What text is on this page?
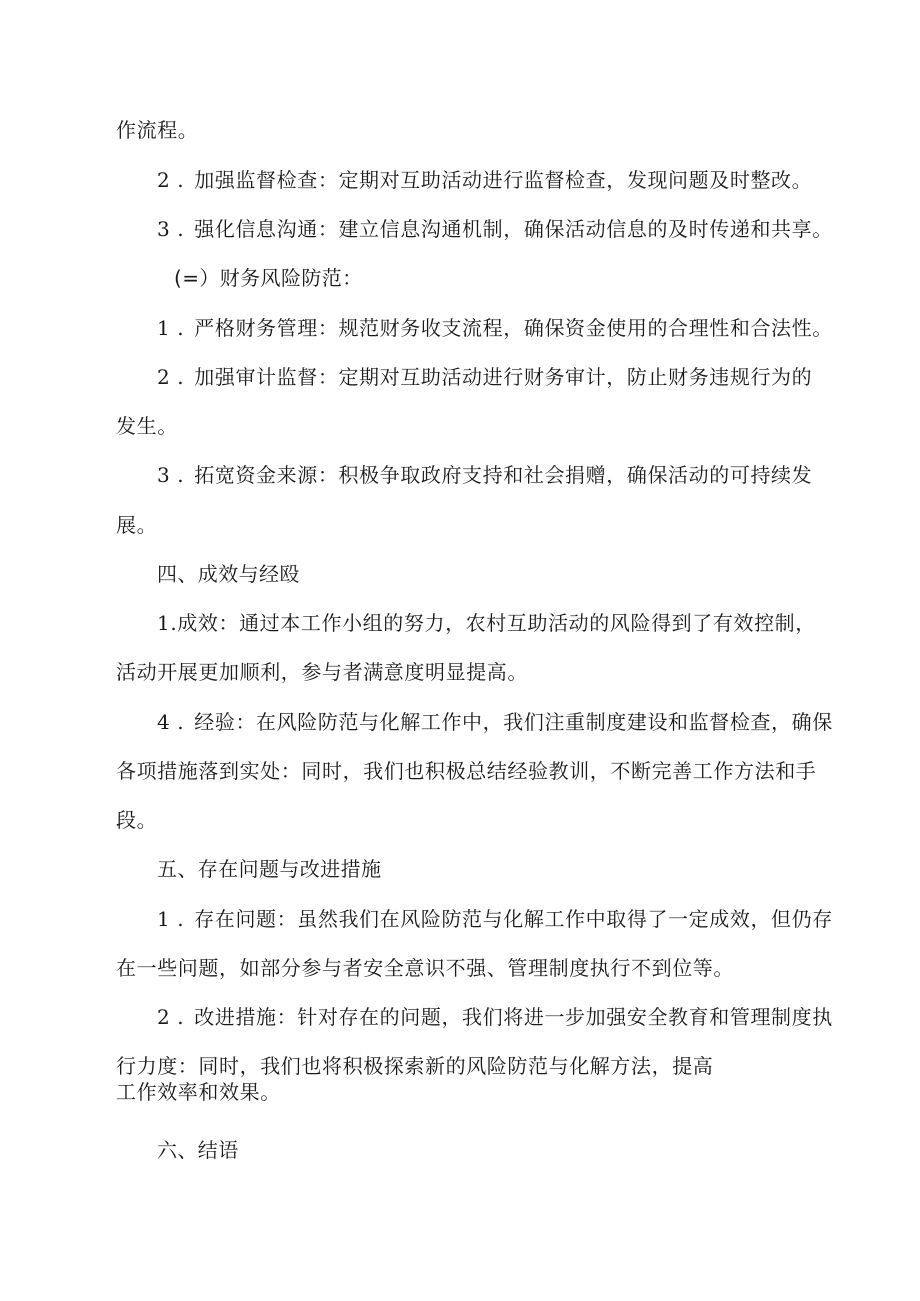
作流程。
2 . 加强监督检查：定期对互助活动进行监督检查，发现问题及时整改。
3 . 强化信息沟通：建立信息沟通机制，确保活动信息的及时传递和共享。
(=）财务风险防范：
1 . 严格财务管理：规范财务收支流程，确保资金使用的合理性和合法性。
2 . 加强审计监督：定期对互助活动进行财务审计，防止财务违规行为的
发生。
3 . 拓宽资金来源：积极争取政府支持和社会捐赠，确保活动的可持续发
展。
四、成效与经殴
1.成效：通过本工作小组的努力，农村互助活动的风险得到了有效控制，
活动开展更加顺利，参与者满意度明显提高。
4 . 经验：在风险防范与化解工作中，我们注重制度建设和监督检查，确保
各项措施落到实处：同时，我们也积极总结经验教训，不断完善工作方法和手
段。
五、存在问题与改进措施
1 . 存在问题：虽然我们在风险防范与化解工作中取得了一定成效，但仍存
在一些问题，如部分参与者安全意识不强、管理制度执行不到位等。
2 . 改进措施：针对存在的问题，我们将进一步加强安全教育和管理制度执
行力度：同时，我们也将积极探索新的风险防范与化解方法，提高
工作效率和效果。
六、结语
